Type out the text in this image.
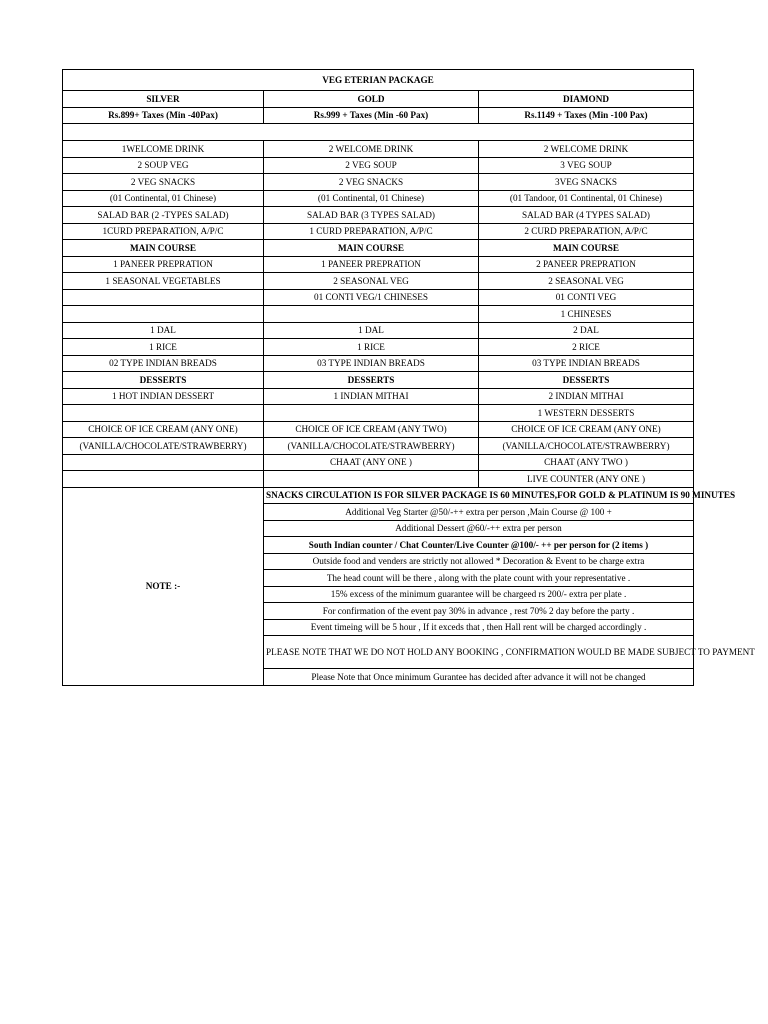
VEG ETERIAN PACKAGE		
SILVER	GOLD	DIAMOND
Rs.899+ Taxes (Min -40Pax)	Rs.999 + Taxes (Min -60 Pax)	Rs.1149 + Taxes (Min -100 Pax)

1WELCOME DRINK	2 WELCOME DRINK	2 WELCOME DRINK
2 SOUP VEG	2 VEG SOUP	3 VEG SOUP
2 VEG SNACKS	2 VEG SNACKS	3VEG SNACKS
(01 Continental, 01 Chinese)	(01 Continental, 01 Chinese)	(01 Tandoor, 01 Continental, 01 Chinese)
SALAD BAR (2 -TYPES SALAD)	SALAD BAR (3 TYPES SALAD)	SALAD BAR (4 TYPES SALAD)
1CURD PREPARATION, A/P/C	1 CURD PREPARATION, A/P/C	2 CURD PREPARATION, A/P/C
MAIN COURSE	MAIN COURSE	MAIN COURSE
1 PANEER PREPRATION	1 PANEER PREPRATION	2 PANEER PREPRATION
1 SEASONAL VEGETABLES	2 SEASONAL VEG	2 SEASONAL VEG
	01 CONTI VEG/1 CHINESES	01 CONTI VEG
		1 CHINESES
1 DAL	1 DAL	2 DAL
1 RICE	1 RICE	2 RICE
02 TYPE INDIAN BREADS	03 TYPE INDIAN BREADS	03 TYPE INDIAN BREADS
DESSERTS	DESSERTS	DESSERTS
1 HOT INDIAN DESSERT	1 INDIAN MITHAI	2 INDIAN MITHAI
		1 WESTERN DESSERTS
CHOICE OF ICE CREAM (ANY ONE)	CHOICE OF ICE CREAM (ANY TWO)	CHOICE OF ICE CREAM (ANY ONE)
(VANILLA/CHOCOLATE/STRAWBERRY)	(VANILLA/CHOCOLATE/STRAWBERRY)	(VANILLA/CHOCOLATE/STRAWBERRY)
	CHAAT (ANY ONE )	CHAAT (ANY TWO )
		LIVE COUNTER (ANY ONE )
NOTE :-	SNACKS CIRCULATION IS FOR SILVER PACKAGE IS 60 MINUTES,FOR GOLD & PLATINUM IS 90 MINUTES	
	Additional Veg Starter @50/-++ extra per person ,Main Course @ 100 +	
	Additional Dessert @60/-++ extra per person	
	South Indian counter / Chat Counter/Live Counter @100/- ++ per person for (2 items )	
	Outside food and venders are strictly not allowed * Decoration & Event to be charge extra	
	The head count will be there , along with the plate count with your representative .	
	15% excess of the minimum guarantee will be chargeed rs 200/- extra per plate .	
	For confirmation of the event pay 30% in advance , rest 70% 2 day before the party .	
	Event timeing will be 5 hour , If it exceds that , then Hall rent will be charged accordingly .	
	PLEASE NOTE THAT WE DO NOT HOLD ANY BOOKING , CONFIRMATION WOULD BE MADE SUBJECT TO PAYMENT	
	Please Note that Once minimum Gurantee has decided after advance it will not be changed	
